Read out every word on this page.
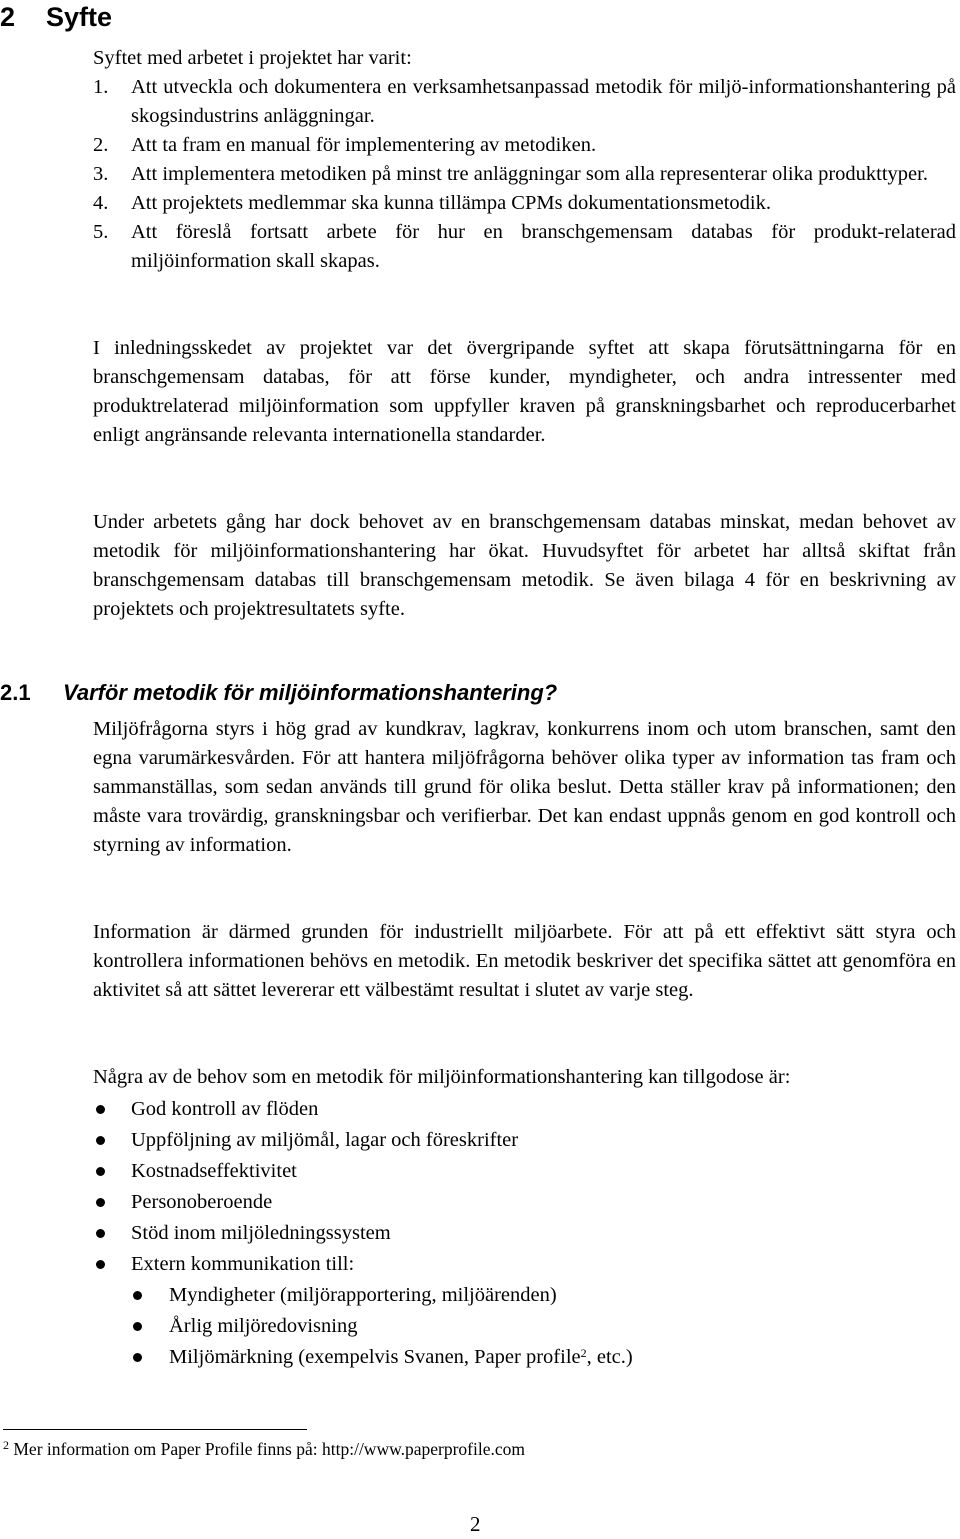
2 Syfte

Syftet med arbetet i projektet har varit:

1. Att utveckla och dokumentera en verksamhetsanpassad metodik för miljö-informationshantering på skogsindustrins anläggningar.
2. Att ta fram en manual för implementering av metodiken.
3. Att implementera metodiken på minst tre anläggningar som alla representerar olika produkttyper.
4. Att projektets medlemmar ska kunna tillämpa CPMs dokumentationsmetodik.
5. Att föreslå fortsatt arbete för hur en branschgemensam databas för produkt-relaterad miljöinformation skall skapas.

I inledningsskedet av projektet var det övergripande syftet att skapa förutsättningarna för en branschgemensam databas, för att förse kunder, myndigheter, och andra intressenter med produktrelaterad miljöinformation som uppfyller kraven på granskningsbarhet och reproducerbarhet enligt angränsande relevanta internationella standarder.

Under arbetets gång har dock behovet av en branschgemensam databas minskat, medan behovet av metodik för miljöinformationshantering har ökat. Huvudsyftet för arbetet har alltså skiftat från branschgemensam databas till branschgemensam metodik. Se även bilaga 4 för en beskrivning av projektets och projektresultatets syfte.

2.1 Varför metodik för miljöinformationshantering?

Miljöfrågorna styrs i hög grad av kundkrav, lagkrav, konkurrens inom och utom branschen, samt den egna varumärkesvården. För att hantera miljöfrågorna behöver olika typer av information tas fram och sammanställas, som sedan används till grund för olika beslut. Detta ställer krav på informationen; den måste vara trovärdig, granskningsbar och verifierbar. Det kan endast uppnås genom en god kontroll och styrning av information.

Information är därmed grunden för industriellt miljöarbete. För att på ett effektivt sätt styra och kontrollera informationen behövs en metodik. En metodik beskriver det specifika sättet att genomföra en aktivitet så att sättet levererar ett välbestämt resultat i slutet av varje steg.

Några av de behov som en metodik för miljöinformationshantering kan tillgodose är:

God kontroll av flöden
Uppföljning av miljömål, lagar och föreskrifter
Kostnadseffektivitet
Personoberoende
Stöd inom miljöledningssystem
Extern kommunikation till:
Myndigheter (miljörapportering, miljöärenden)
Årlig miljöredovisning
Miljömärkning (exempelvis Svanen, Paper profile$^2$, etc.)
$^2$ Mer information om Paper Profile finns på: http://www.paperprofile.com
2
